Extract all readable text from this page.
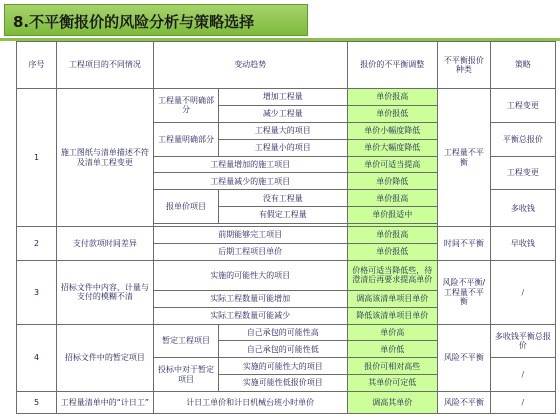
8.不平衡报价的风险分析与策略选择
序号	工程项目的不同情况	变动趋势		报价的不平衡调整	不平衡报价种类	策略
1	施工图纸与清单描述不符及清单工程变更	工程量不明确部分	增加工程量	单价报高	工程量不平衡	工程变更
			减少工程量	单价报低		
		工程量明确部分	工程量大的项目	单价小幅度降低		平衡总报价
			工程量小的项目	单价大幅度降低		
		工程量增加的施工项目		单价可适当提高		工程变更
		工程量减少的施工项目		单价降低		
		报单价项目	没有工程量	单价报高		多收钱
			有假定工程量	单价报适中		

2	支付款项时间差异	前期能够完工项目		单价报高	时间不平衡	早收钱
		后期工程项目单价		单价报低		
3	招标文件中内容、计量与支付的模糊不清	实施的可能性大的项目		价格可适当降低些，待澄清后再要求提高单价	风险不平衡/工程量不平衡	/
		实际工程数量可能增加		调高该清单项目单价		
		实际工程数量可能减少		降低该清单项目单价		
4	招标文件中的暂定项目	暂定工程项目	自己承包的可能性高	单价高	风险不平衡	多收钱平衡总报价
			自己承包的可能性低	单价低		
		投标中对于暂定项目	实施的可能性大的项目	报价可相对高些		/
			实施可能性低报价项目	其单价可定低		
5	工程量清单中的“计日工”	计日工单价和计日机械台班小时单价		调高其单价	风险不平衡	/
